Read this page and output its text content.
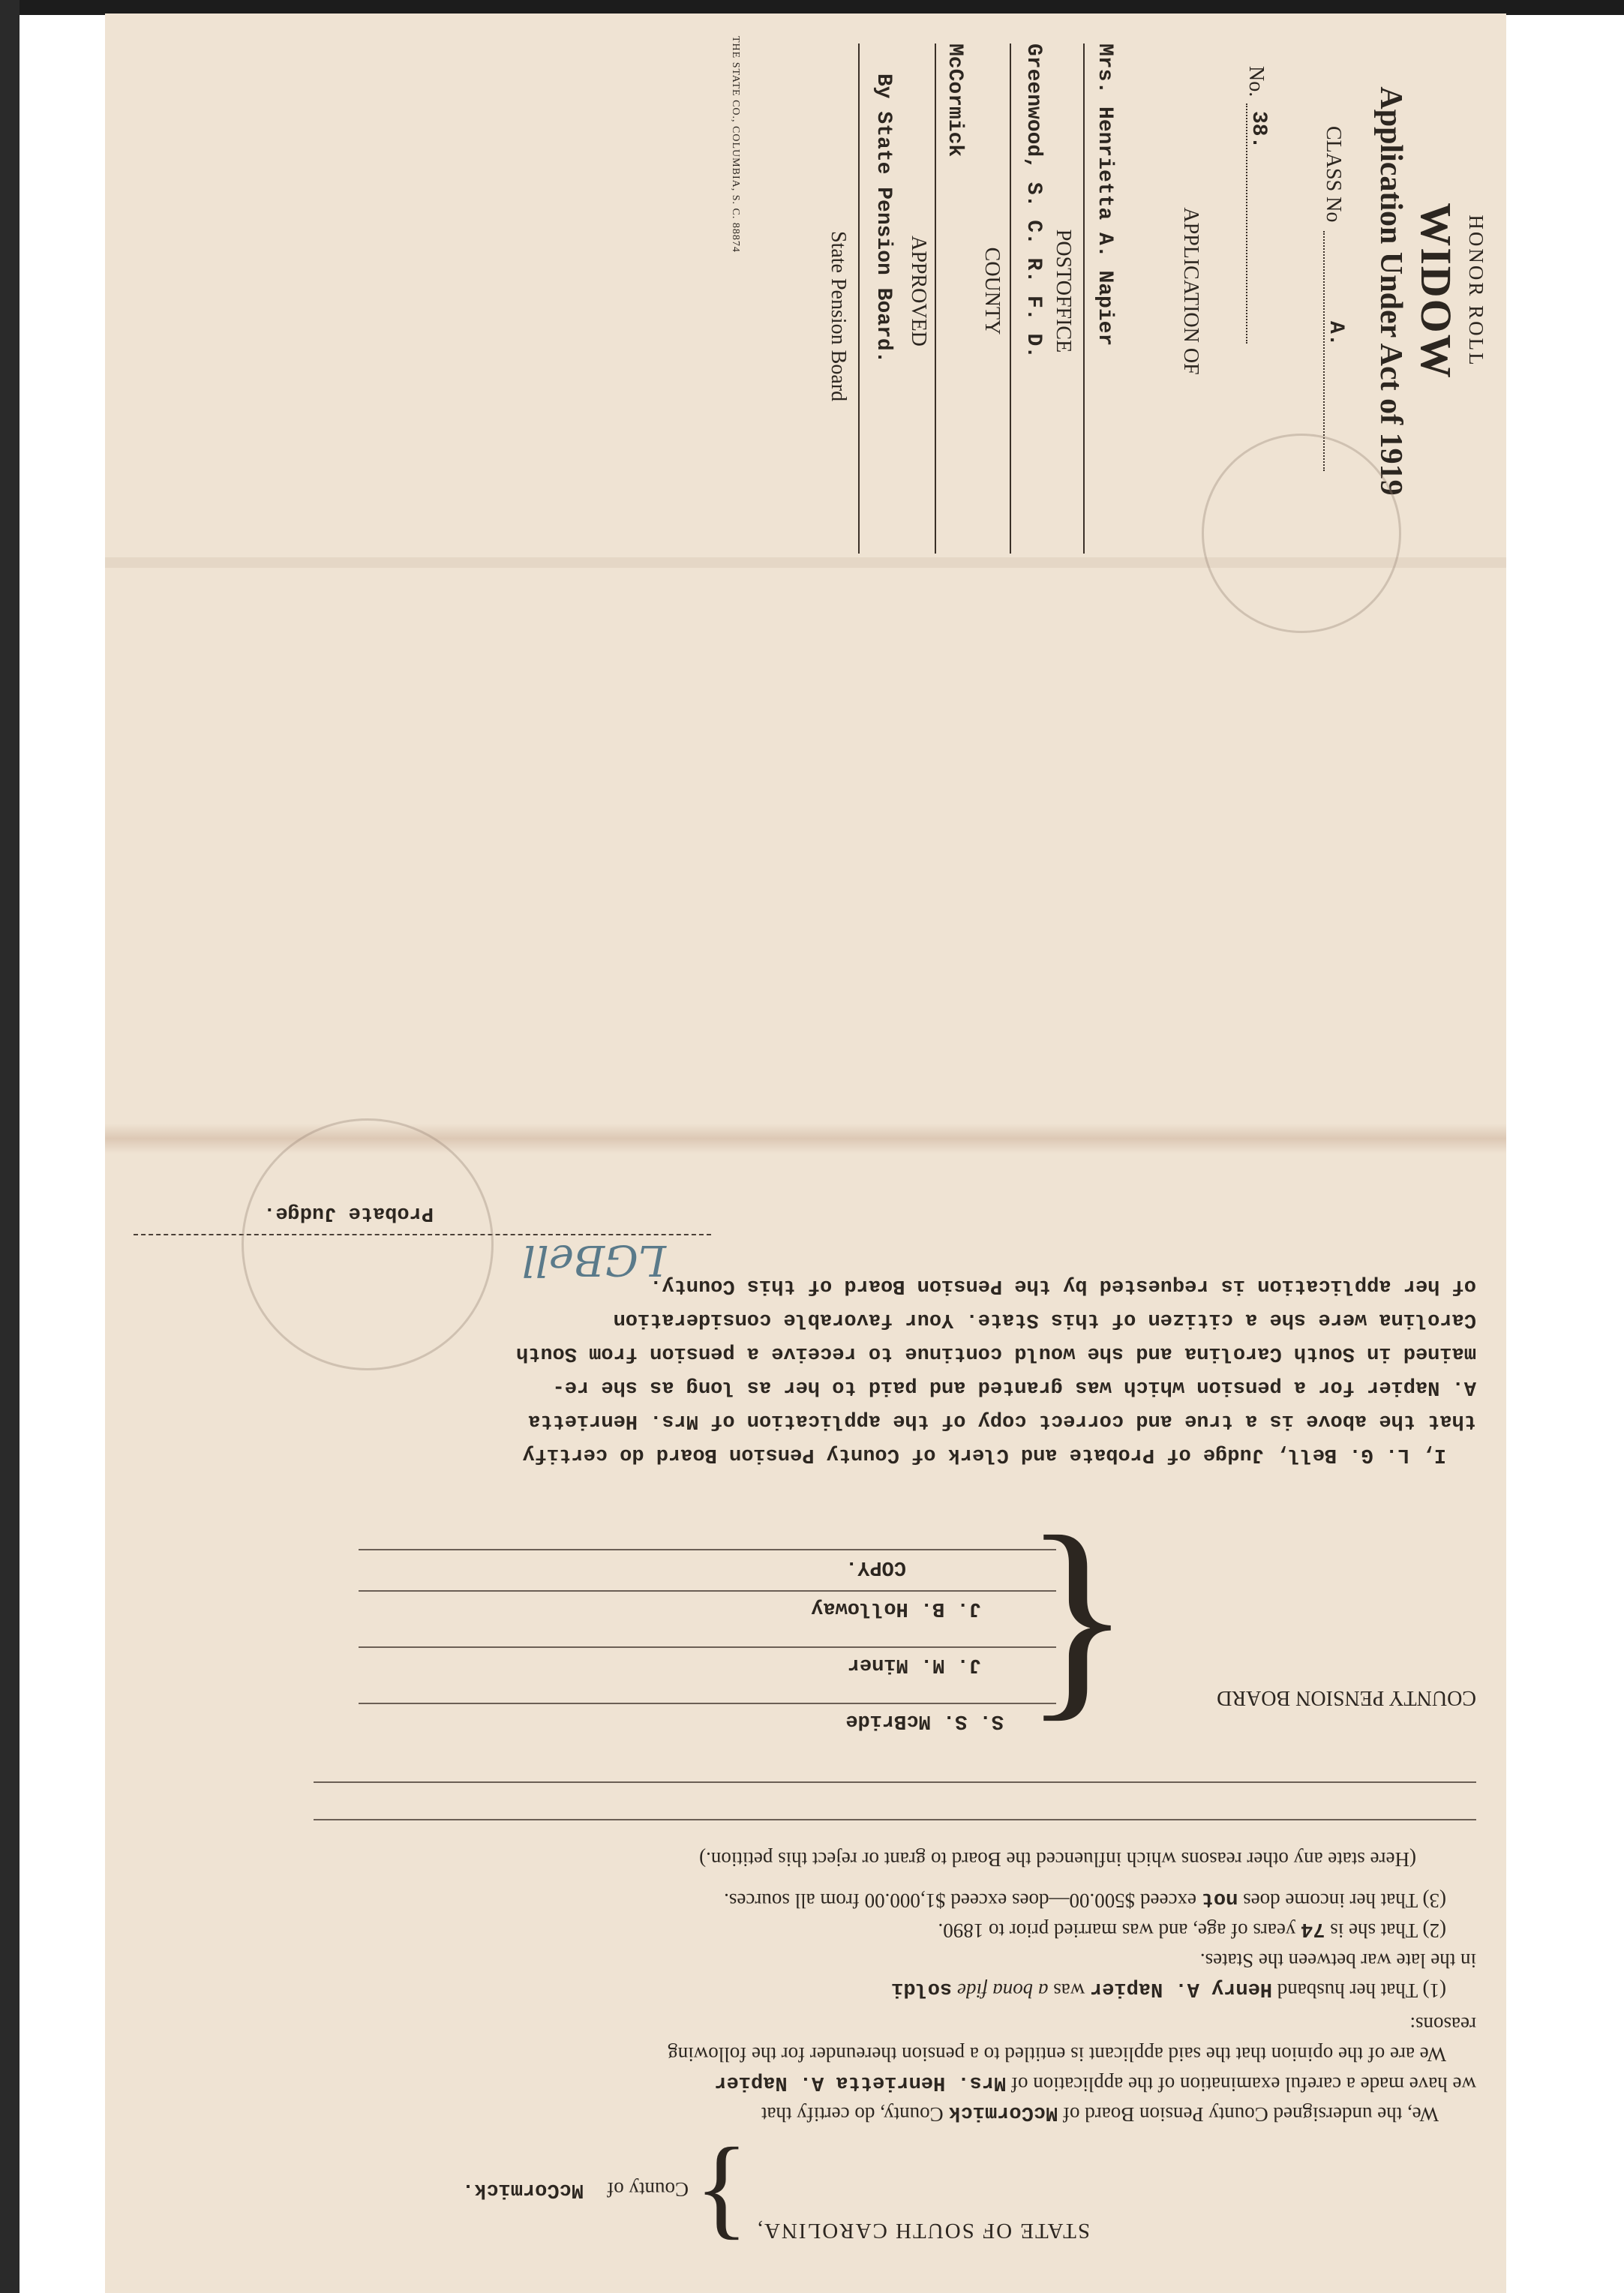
HONOR ROLL
WIDOW
Application Under Act of 1919
CLASS No
A.
No.
38.
APPLICATION OF
Mrs. Henrietta A. Napier
POSTOFFICE
Greenwood, S. C. R. F. D.
COUNTY
McCormick
APPROVED
By State Pension Board.
State Pension Board
THE STATE CO., COLUMBIA, S. C. 88874
STATE OF SOUTH CAROLINA,
}
County of
McCormick.
We, the undersigned County Pension Board of McCormick County, do certify that
we have made a careful examination of the application of Mrs. Henrietta A. Napier
We are of the opinion that the said applicant is entitled to a pension thereunder for the following
reasons:
(1) That her husband Henry A. Napier was a bona fide soldi
in the late war between the States.
(2) That she is 74 years of age, and was married prior to 1890.
(3) That her income does not exceed $500.00—does exceed $1,000.00 from all sources.
(Here state any other reasons which influenced the Board to grant or reject this petition.)
COUNTY PENSION BOARD
{
S. S. McBride
J. M. Miner
J. B. Holloway
COPY.
I, L. G. Bell, Judge of Probate and Clerk of County Pension Board do certify
that the above is a true and correct copy of the application of Mrs. Henrietta
A. Napier for a pension which was granted and paid to her as long as she re-
mained in South Carolina and she would continue to receive a pension from South
Carolina were she a citizen of this State. Your favorable consideration
of her application is requested by the Pension Board of this County.
LGBell
Probate Judge.
